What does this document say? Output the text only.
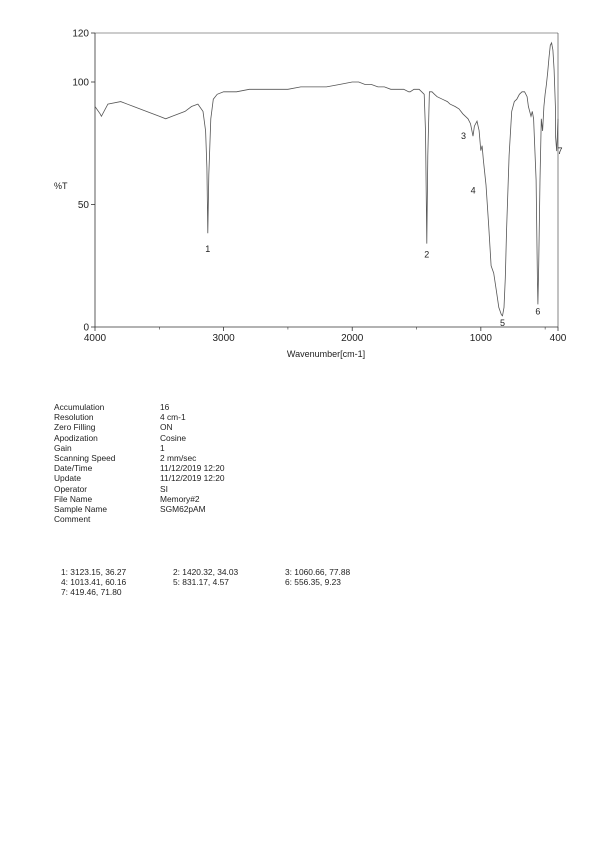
0
50
100
120
4000	3000	2000	1000	400
%T
Wavenumber[cm-1]
1
2
3
4
5
6
7
Accumulation	16
Resolution	4 cm-1
Zero Filling	ON
Apodization	Cosine
Gain	1
Scanning Speed	2 mm/sec
Date/Time	11/12/2019 12:20
Update	11/12/2019 12:20
Operator	SI
File Name	Memory#2
Sample Name	SGM62pAM
Comment
1: 3123.15, 36.27	2: 1420.32, 34.03	3: 1060.66, 77.88
4: 1013.41, 60.16	5: 831.17, 4.57	6: 556.35, 9.23
7: 419.46, 71.80
